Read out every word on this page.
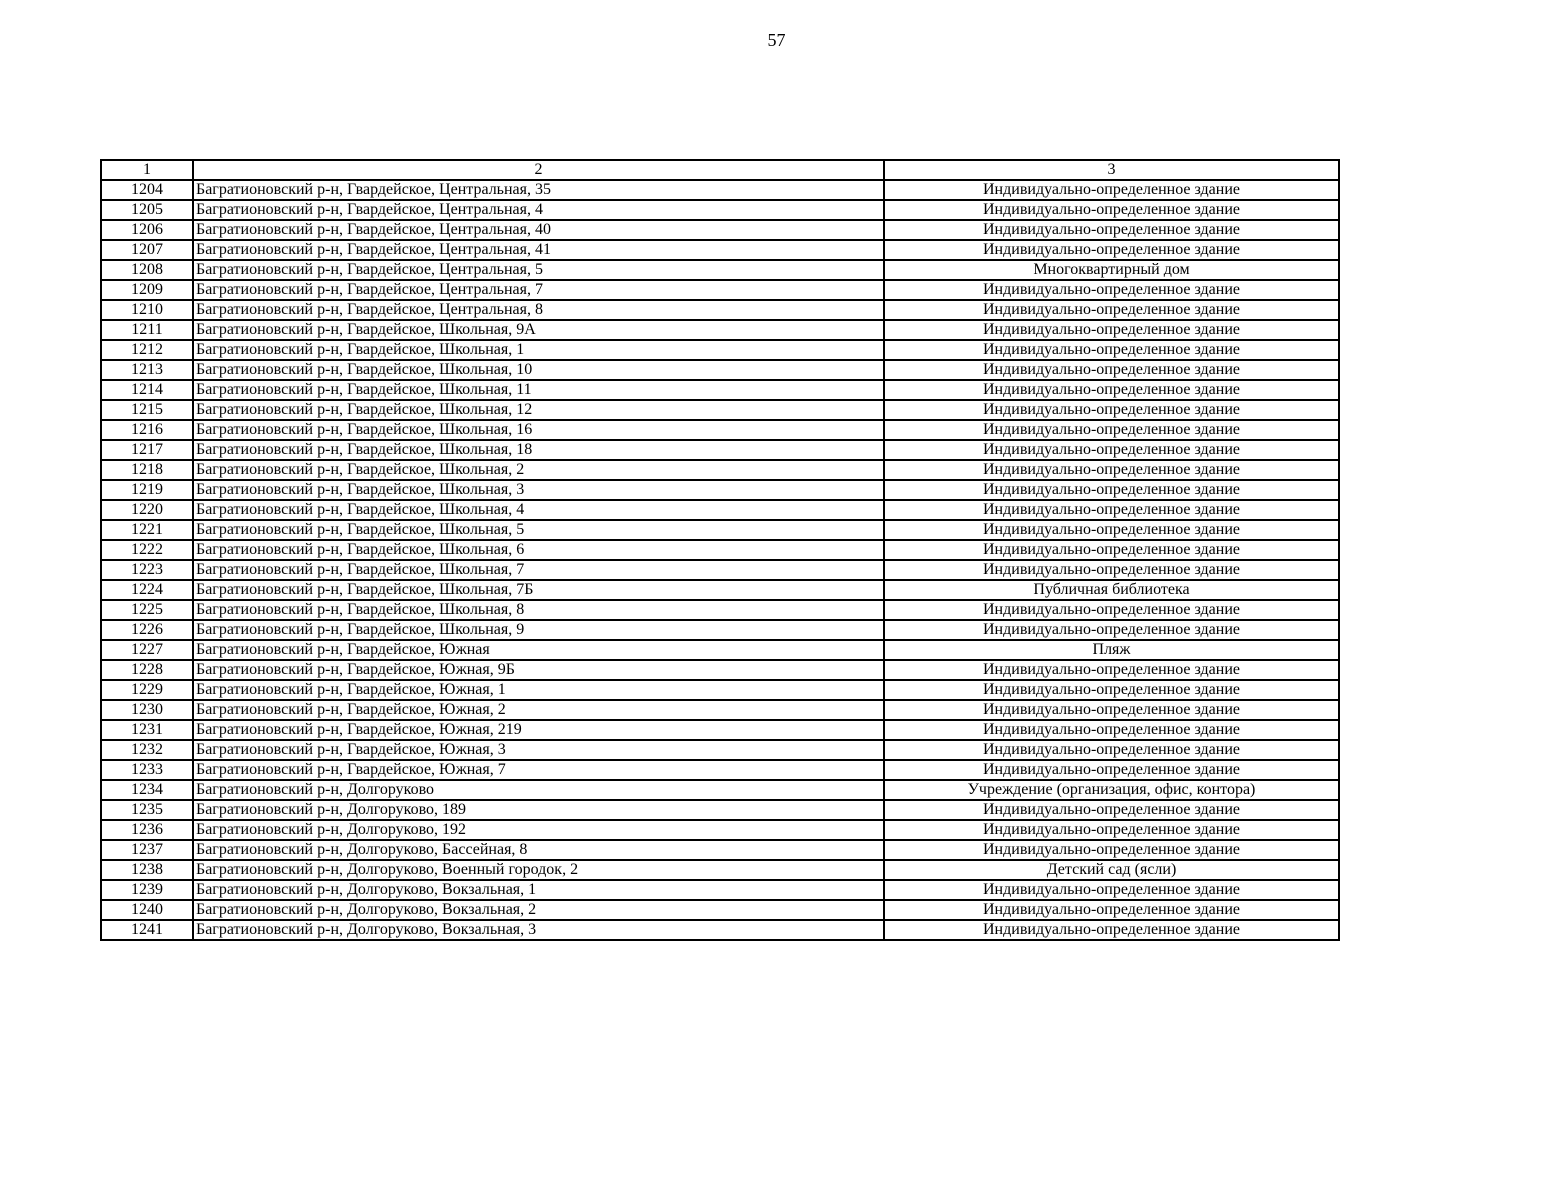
57
1	2	3
1204	Багратионовский р-н, Гвардейское, Центральная, 35	Индивидуально-определенное здание
1205	Багратионовский р-н, Гвардейское, Центральная, 4	Индивидуально-определенное здание
1206	Багратионовский р-н, Гвардейское, Центральная, 40	Индивидуально-определенное здание
1207	Багратионовский р-н, Гвардейское, Центральная, 41	Индивидуально-определенное здание
1208	Багратионовский р-н, Гвардейское, Центральная, 5	Многоквартирный дом
1209	Багратионовский р-н, Гвардейское, Центральная, 7	Индивидуально-определенное здание
1210	Багратионовский р-н, Гвардейское, Центральная, 8	Индивидуально-определенное здание
1211	Багратионовский р-н, Гвардейское, Школьная, 9А	Индивидуально-определенное здание
1212	Багратионовский р-н, Гвардейское, Школьная, 1	Индивидуально-определенное здание
1213	Багратионовский р-н, Гвардейское, Школьная, 10	Индивидуально-определенное здание
1214	Багратионовский р-н, Гвардейское, Школьная, 11	Индивидуально-определенное здание
1215	Багратионовский р-н, Гвардейское, Школьная, 12	Индивидуально-определенное здание
1216	Багратионовский р-н, Гвардейское, Школьная, 16	Индивидуально-определенное здание
1217	Багратионовский р-н, Гвардейское, Школьная, 18	Индивидуально-определенное здание
1218	Багратионовский р-н, Гвардейское, Школьная, 2	Индивидуально-определенное здание
1219	Багратионовский р-н, Гвардейское, Школьная, 3	Индивидуально-определенное здание
1220	Багратионовский р-н, Гвардейское, Школьная, 4	Индивидуально-определенное здание
1221	Багратионовский р-н, Гвардейское, Школьная, 5	Индивидуально-определенное здание
1222	Багратионовский р-н, Гвардейское, Школьная, 6	Индивидуально-определенное здание
1223	Багратионовский р-н, Гвардейское, Школьная, 7	Индивидуально-определенное здание
1224	Багратионовский р-н, Гвардейское, Школьная, 7Б	Публичная библиотека
1225	Багратионовский р-н, Гвардейское, Школьная, 8	Индивидуально-определенное здание
1226	Багратионовский р-н, Гвардейское, Школьная, 9	Индивидуально-определенное здание
1227	Багратионовский р-н, Гвардейское, Южная	Пляж
1228	Багратионовский р-н, Гвардейское, Южная, 9Б	Индивидуально-определенное здание
1229	Багратионовский р-н, Гвардейское, Южная, 1	Индивидуально-определенное здание
1230	Багратионовский р-н, Гвардейское, Южная, 2	Индивидуально-определенное здание
1231	Багратионовский р-н, Гвардейское, Южная, 219	Индивидуально-определенное здание
1232	Багратионовский р-н, Гвардейское, Южная, 3	Индивидуально-определенное здание
1233	Багратионовский р-н, Гвардейское, Южная, 7	Индивидуально-определенное здание
1234	Багратионовский р-н, Долгоруково	Учреждение (организация, офис, контора)
1235	Багратионовский р-н, Долгоруково, 189	Индивидуально-определенное здание
1236	Багратионовский р-н, Долгоруково, 192	Индивидуально-определенное здание
1237	Багратионовский р-н, Долгоруково, Бассейная, 8	Индивидуально-определенное здание
1238	Багратионовский р-н, Долгоруково, Военный городок, 2	Детский сад (ясли)
1239	Багратионовский р-н, Долгоруково, Вокзальная, 1	Индивидуально-определенное здание
1240	Багратионовский р-н, Долгоруково, Вокзальная, 2	Индивидуально-определенное здание
1241	Багратионовский р-н, Долгоруково, Вокзальная, 3	Индивидуально-определенное здание
